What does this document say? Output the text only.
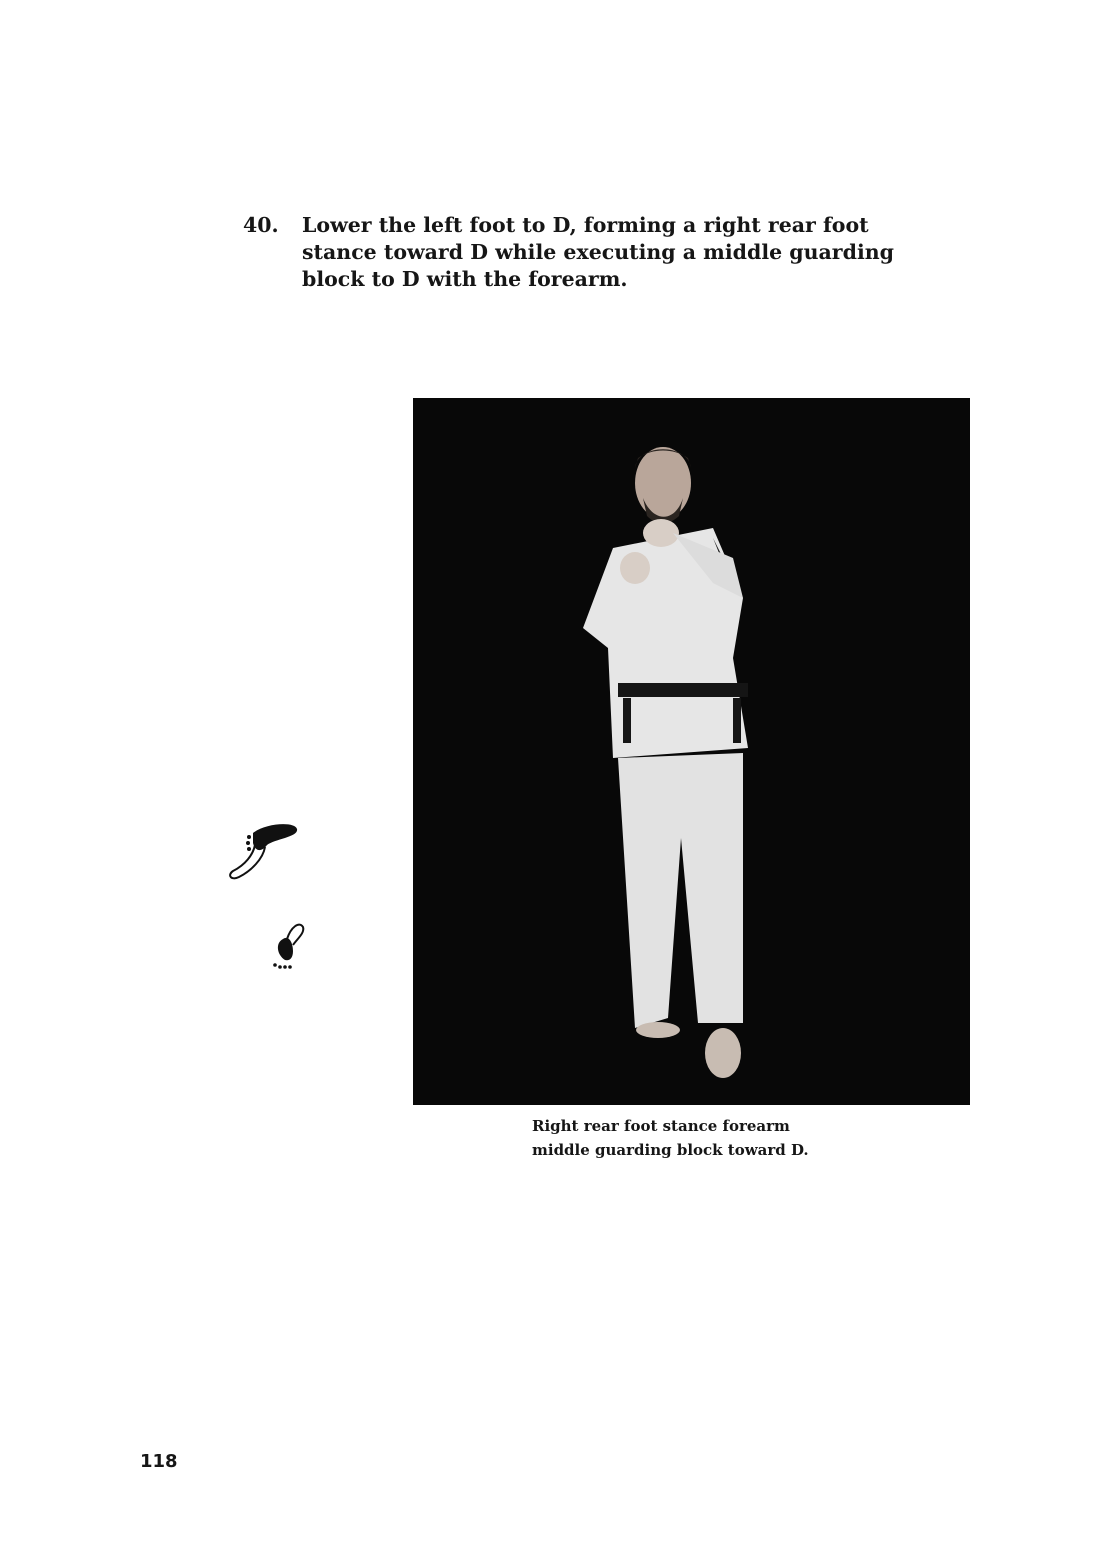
40. Lower the left foot to D, forming a right rear foot stance toward D while executing a middle guarding block to D with the forearm.
Right rear foot stance forearm
middle guarding block toward D.
118
